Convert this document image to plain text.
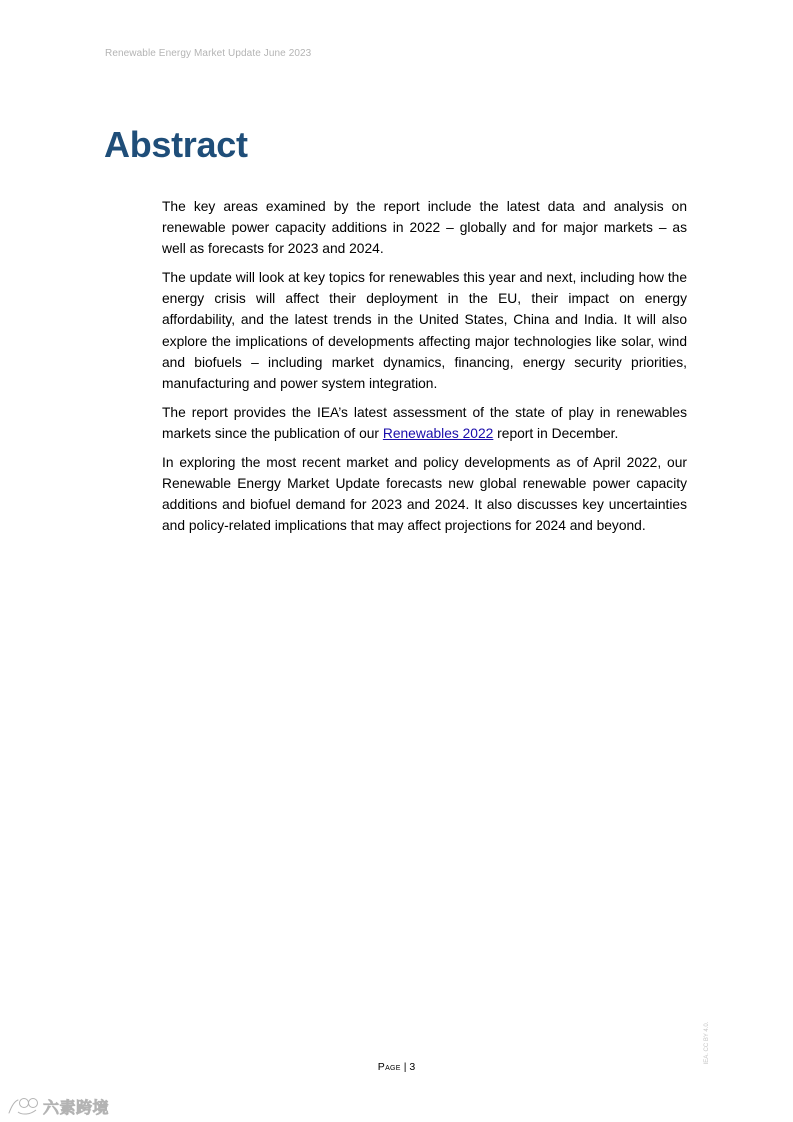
Renewable Energy Market Update June 2023
Abstract

The key areas examined by the report include the latest data and analysis on renewable power capacity additions in 2022 – globally and for major markets – as well as forecasts for 2023 and 2024.

The update will look at key topics for renewables this year and next, including how the energy crisis will affect their deployment in the EU, their impact on energy affordability, and the latest trends in the United States, China and India. It will also explore the implications of developments affecting major technologies like solar, wind and biofuels – including market dynamics, financing, energy security priorities, manufacturing and power system integration.

The report provides the IEA’s latest assessment of the state of play in renewables markets since the publication of our Renewables 2022 report in December.

In exploring the most recent market and policy developments as of April 2022, our Renewable Energy Market Update forecasts new global renewable power capacity additions and biofuel demand for 2023 and 2024. It also discusses key uncertainties and policy-related implications that may affect projections for 2024 and beyond.

IEA. CC BY 4.0.
Page | 3
六素跨境
